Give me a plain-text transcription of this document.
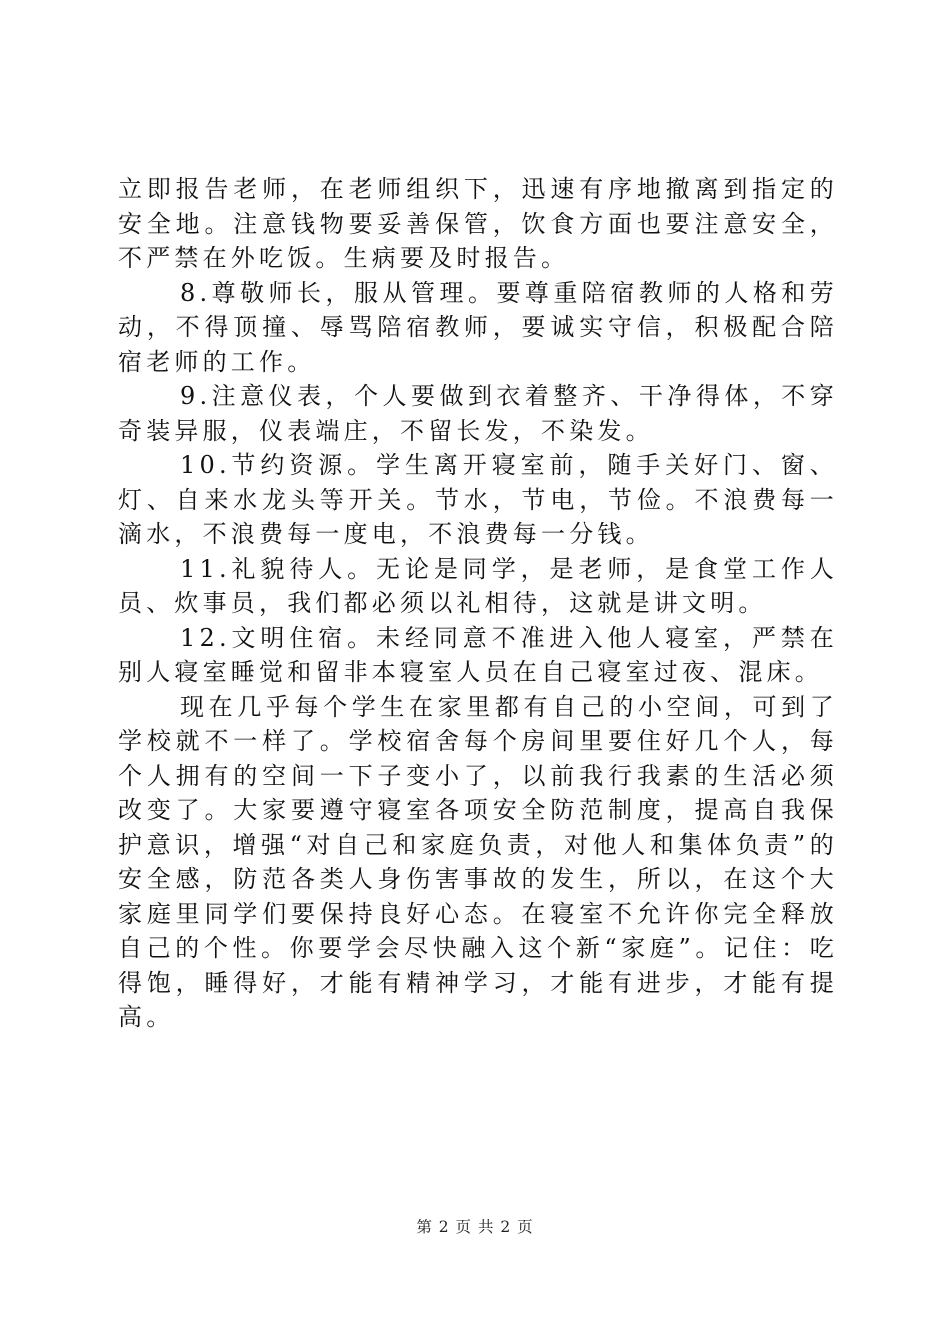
立即报告老师，在老师组织下，迅速有序地撤离到指定的安全地。注意钱物要妥善保管，饮食方面也要注意安全，不严禁在外吃饭。生病要及时报告。

8.尊敬师长，服从管理。要尊重陪宿教师的人格和劳动，不得顶撞、辱骂陪宿教师，要诚实守信，积极配合陪宿老师的工作。

9.注意仪表，个人要做到衣着整齐、干净得体，不穿奇装异服，仪表端庄，不留长发，不染发。

10.节约资源。学生离开寝室前，随手关好门、窗、灯、自来水龙头等开关。节水，节电，节俭。不浪费每一滴水，不浪费每一度电，不浪费每一分钱。

11.礼貌待人。无论是同学，是老师，是食堂工作人员、炊事员，我们都必须以礼相待，这就是讲文明。

12.文明住宿。未经同意不准进入他人寝室，严禁在别人寝室睡觉和留非本寝室人员在自己寝室过夜、混床。

现在几乎每个学生在家里都有自己的小空间，可到了学校就不一样了。学校宿舍每个房间里要住好几个人，每个人拥有的空间一下子变小了，以前我行我素的生活必须改变了。大家要遵守寝室各项安全防范制度，提高自我保护意识，增强“对自己和家庭负责，对他人和集体负责”的安全感，防范各类人身伤害事故的发生，所以，在这个大家庭里同学们要保持良好心态。在寝室不允许你完全释放自己的个性。你要学会尽快融入这个新“家庭”。记住：吃得饱，睡得好，才能有精神学习，才能有进步，才能有提高。

第 2 页 共 2 页
